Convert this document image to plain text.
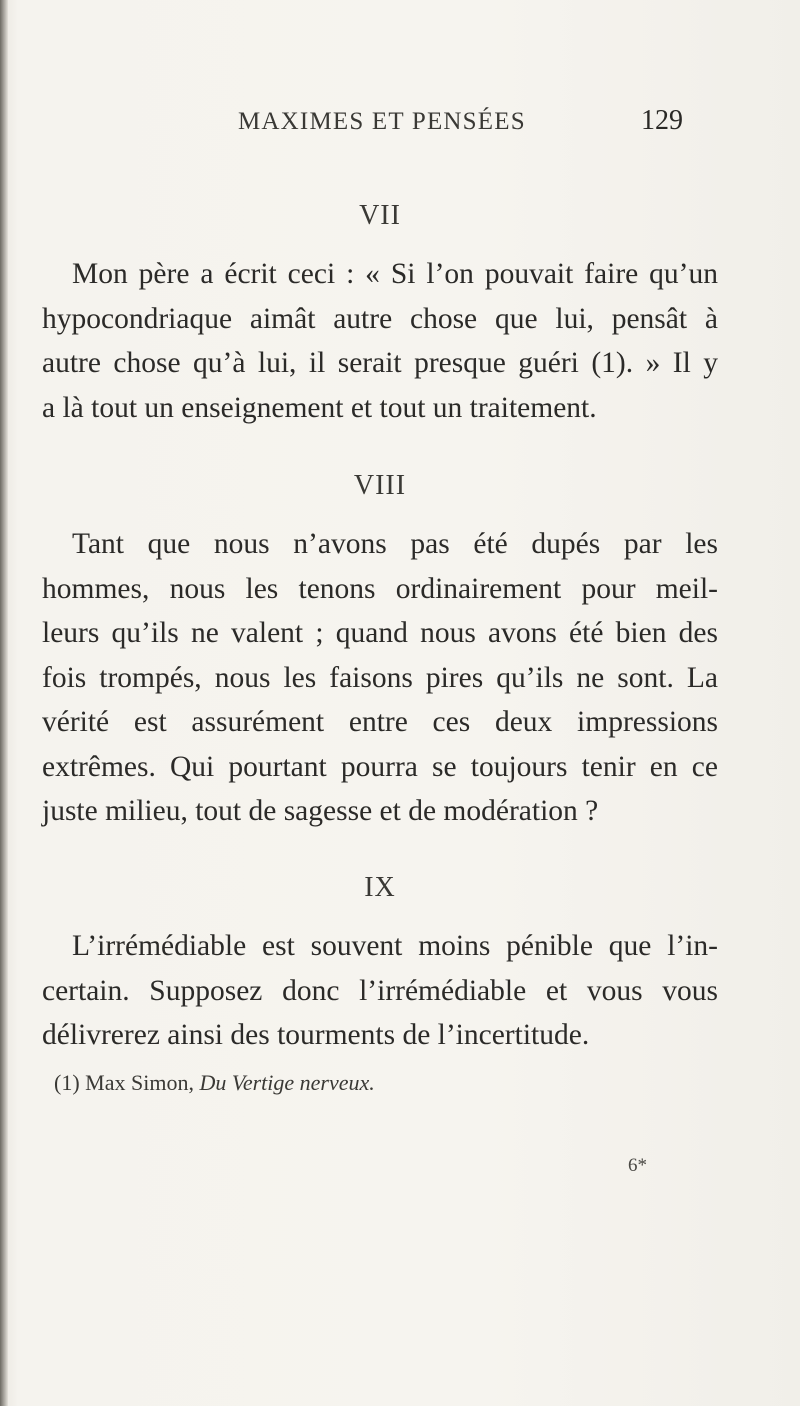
MAXIMES ET PENSÉES	129
VII

Mon père a écrit ceci : « Si l’on pouvait faire qu’un
hypocondriaque aimât autre chose que lui, pensât à
autre chose qu’à lui, il serait presque guéri (1). » Il y
a là tout un enseignement et tout un traitement.

VIII

Tant que nous n’avons pas été dupés par les
hommes, nous les tenons ordinairement pour meil-
leurs qu’ils ne valent ; quand nous avons été bien des
fois trompés, nous les faisons pires qu’ils ne sont. La
vérité est assurément entre ces deux impressions
extrêmes. Qui pourtant pourra se toujours tenir en ce
juste milieu, tout de sagesse et de modération ?

IX

L’irrémédiable est souvent moins pénible que l’in-
certain. Supposez donc l’irrémédiable et vous vous
délivrerez ainsi des tourments de l’incertitude.

(1) Max Simon, Du Vertige nerveux.
6*
